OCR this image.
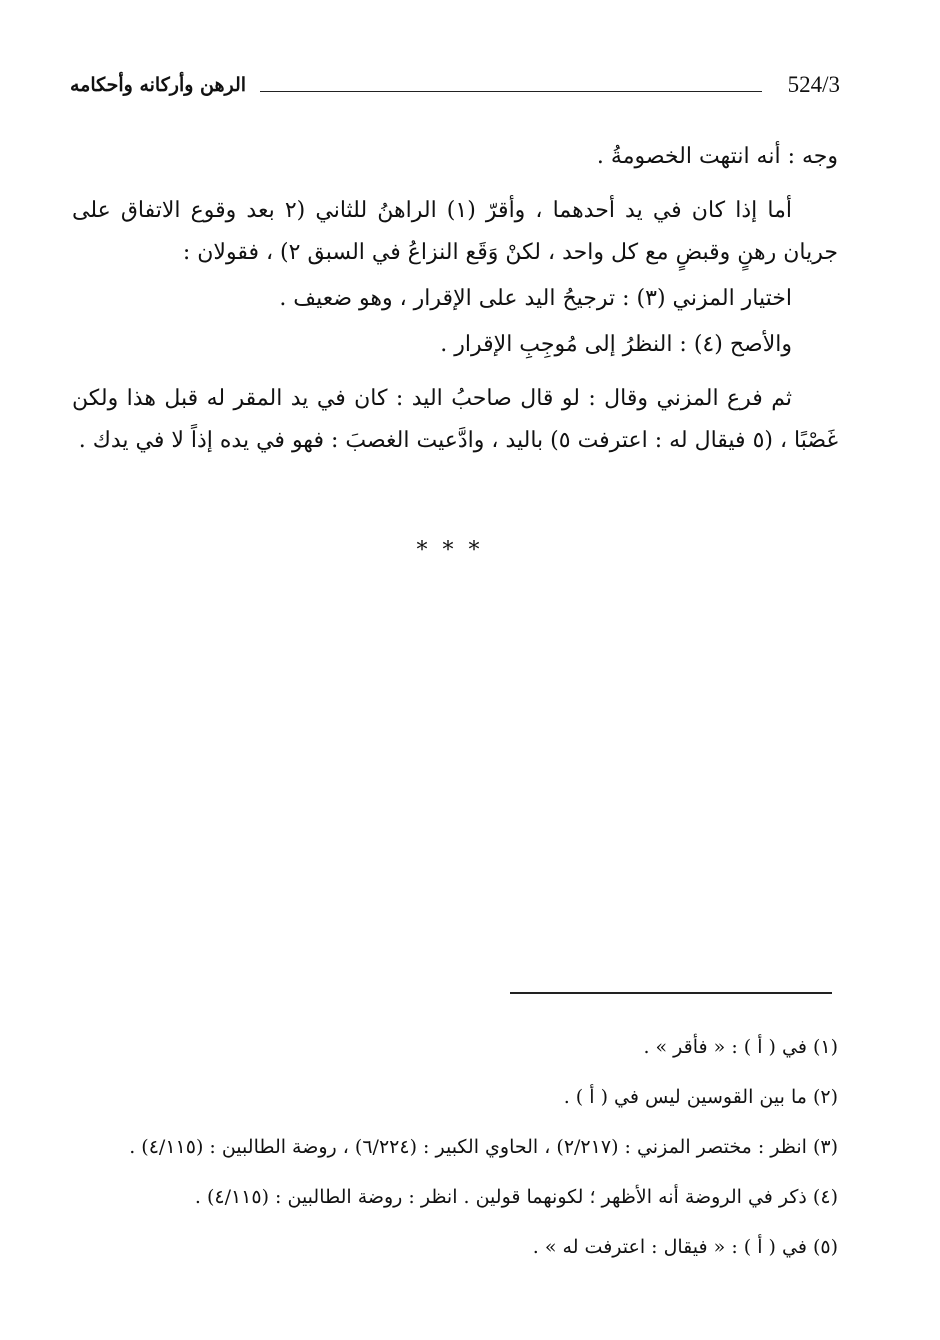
الرهن وأركانه وأحكامه	524/3

وجه : أنه انتهت الخصومةُ .

أما إذا كان في يد أحدهما ، وأقرّ (١) الراهنُ للثاني (٢ بعد وقوع الاتفاق على جريان رهنٍ وقبضٍ مع كل واحد ، لكنْ وَقَع النزاعُ في السبق ٢) ، فقولان :

اختيار المزني (٣) : ترجيحُ اليد على الإقرار ، وهو ضعيف .

والأصح (٤) : النظرُ إلى مُوجِبِ الإقرار .

ثم فرع المزني وقال : لو قال صاحبُ اليد : كان في يد المقر له قبل هذا ولكن غَصْبًا ، (٥ فيقال له : اعترفت ٥) باليد ، وادَّعيت الغصبَ : فهو في يده إذاً لا في يدك .

* * *
(١) في ( أ ) : « فأقر » .
(٢) ما بين القوسين ليس في ( أ ) .
(٣) انظر : مختصر المزني : (٢/٢١٧) ، الحاوي الكبير : (٦/٢٢٤) ، روضة الطالبين : (٤/١١٥) .
(٤) ذكر في الروضة أنه الأظهر ؛ لكونهما قولين . انظر : روضة الطالبين : (٤/١١٥) .
(٥) في ( أ ) : « فيقال : اعترفت له » .
